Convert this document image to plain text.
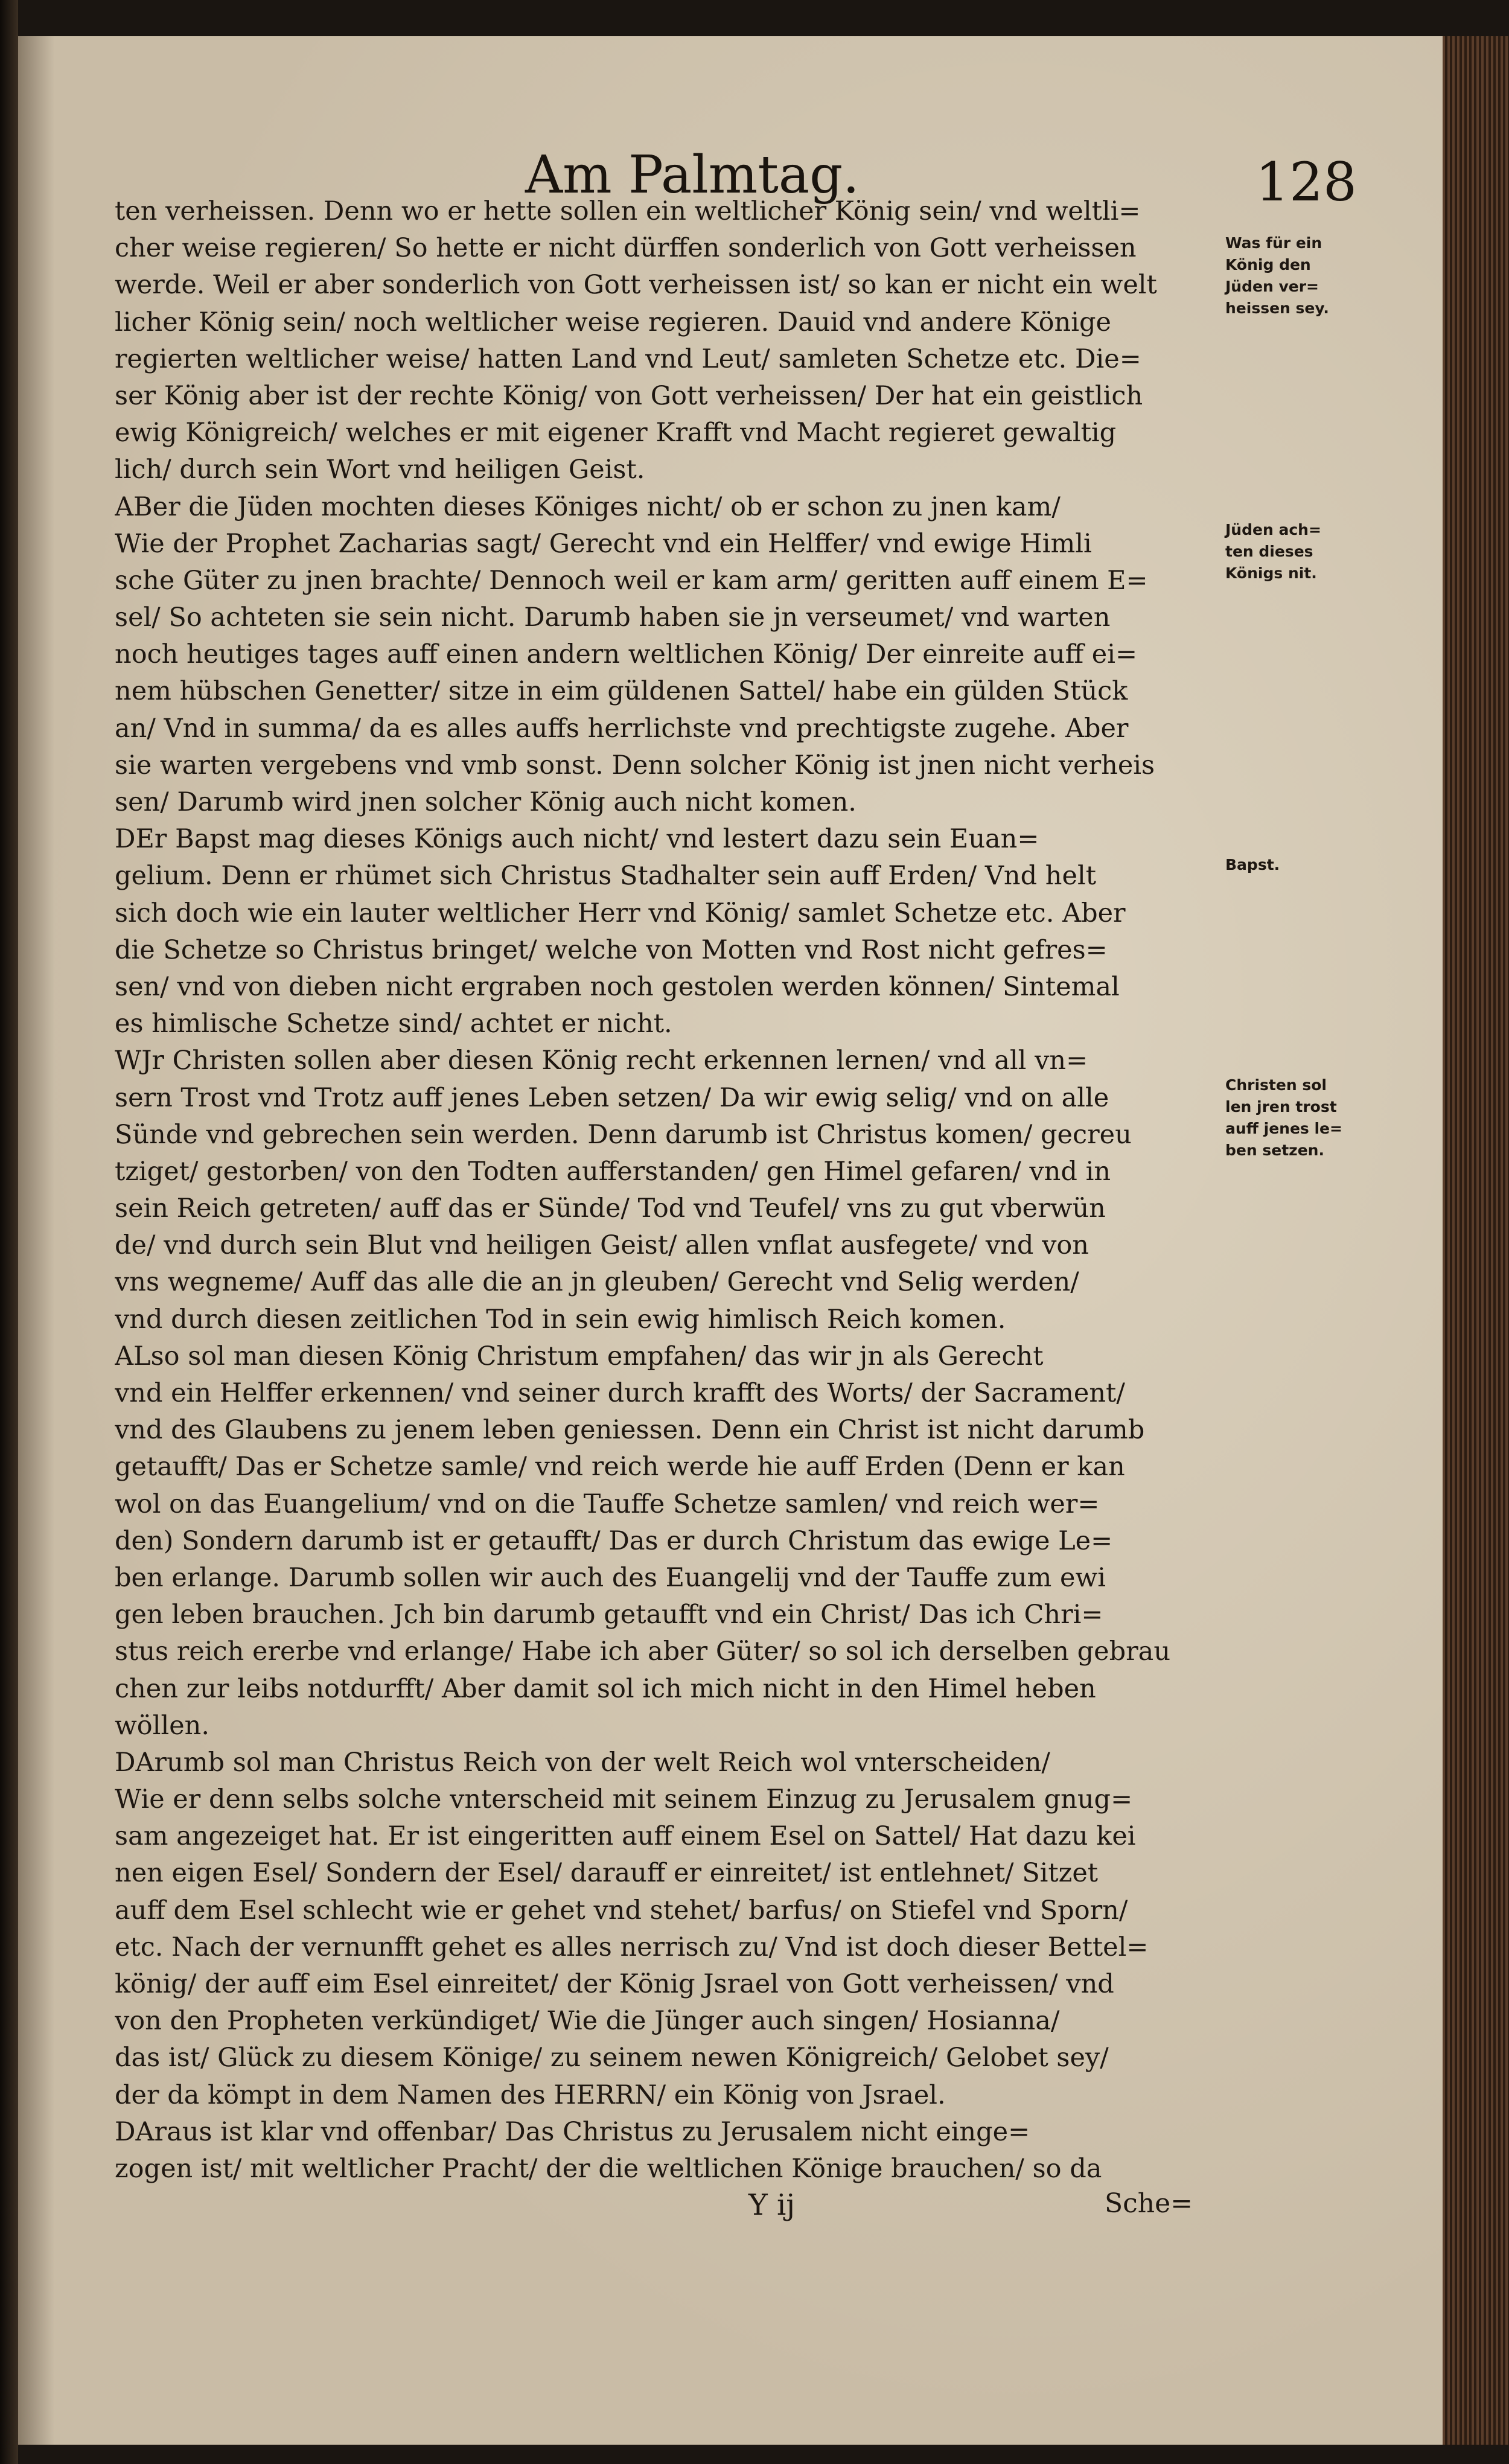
Am Palmtag.	128
ten verheissen. Denn wo er hette sollen ein weltlicher König sein/ vnd weltli=
cher weise regieren/ So hette er nicht dürffen sonderlich von Gott verheissen
werde. Weil er aber sonderlich von Gott verheissen ist/ so kan er nicht ein welt
licher König sein/ noch weltlicher weise regieren. Dauid vnd andere Könige
regierten weltlicher weise/ hatten Land vnd Leut/ samleten Schetze etc. Die=
ser König aber ist der rechte König/ von Gott verheissen/ Der hat ein geistlich
ewig Königreich/ welches er mit eigener Krafft vnd Macht regieret gewaltig
lich/ durch sein Wort vnd heiligen Geist.
ABer die Jüden mochten dieses Königes nicht/ ob er schon zu jnen kam/
Wie der Prophet Zacharias sagt/ Gerecht vnd ein Helffer/ vnd ewige Himli
sche Güter zu jnen brachte/ Dennoch weil er kam arm/ geritten auff einem E=
sel/ So achteten sie sein nicht. Darumb haben sie jn verseumet/ vnd warten
noch heutiges tages auff einen andern weltlichen König/ Der einreite auff ei=
nem hübschen Genetter/ sitze in eim güldenen Sattel/ habe ein gülden Stück
an/ Vnd in summa/ da es alles auffs herrlichste vnd prechtigste zugehe. Aber
sie warten vergebens vnd vmb sonst. Denn solcher König ist jnen nicht verheis
sen/ Darumb wird jnen solcher König auch nicht komen.
DEr Bapst mag dieses Königs auch nicht/ vnd lestert dazu sein Euan=
gelium. Denn er rhümet sich Christus Stadhalter sein auff Erden/ Vnd helt
sich doch wie ein lauter weltlicher Herr vnd König/ samlet Schetze etc. Aber
die Schetze so Christus bringet/ welche von Motten vnd Rost nicht gefres=
sen/ vnd von dieben nicht ergraben noch gestolen werden können/ Sintemal
es himlische Schetze sind/ achtet er nicht.
WJr Christen sollen aber diesen König recht erkennen lernen/ vnd all vn=
sern Trost vnd Trotz auff jenes Leben setzen/ Da wir ewig selig/ vnd on alle
Sünde vnd gebrechen sein werden. Denn darumb ist Christus komen/ gecreu
tziget/ gestorben/ von den Todten aufferstanden/ gen Himel gefaren/ vnd in
sein Reich getreten/ auff das er Sünde/ Tod vnd Teufel/ vns zu gut vberwün
de/ vnd durch sein Blut vnd heiligen Geist/ allen vnflat ausfegete/ vnd von
vns wegneme/ Auff das alle die an jn gleuben/ Gerecht vnd Selig werden/
vnd durch diesen zeitlichen Tod in sein ewig himlisch Reich komen.
ALso sol man diesen König Christum empfahen/ das wir jn als Gerecht
vnd ein Helffer erkennen/ vnd seiner durch krafft des Worts/ der Sacrament/
vnd des Glaubens zu jenem leben geniessen. Denn ein Christ ist nicht darumb
getaufft/ Das er Schetze samle/ vnd reich werde hie auff Erden (Denn er kan
wol on das Euangelium/ vnd on die Tauffe Schetze samlen/ vnd reich wer=
den) Sondern darumb ist er getaufft/ Das er durch Christum das ewige Le=
ben erlange. Darumb sollen wir auch des Euangelij vnd der Tauffe zum ewi
gen leben brauchen. Jch bin darumb getaufft vnd ein Christ/ Das ich Chri=
stus reich ererbe vnd erlange/ Habe ich aber Güter/ so sol ich derselben gebrau
chen zur leibs notdurfft/ Aber damit sol ich mich nicht in den Himel heben
wöllen.
DArumb sol man Christus Reich von der welt Reich wol vnterscheiden/
Wie er denn selbs solche vnterscheid mit seinem Einzug zu Jerusalem gnug=
sam angezeiget hat. Er ist eingeritten auff einem Esel on Sattel/ Hat dazu kei
nen eigen Esel/ Sondern der Esel/ darauff er einreitet/ ist entlehnet/ Sitzet
auff dem Esel schlecht wie er gehet vnd stehet/ barfus/ on Stiefel vnd Sporn/
etc. Nach der vernunfft gehet es alles nerrisch zu/ Vnd ist doch dieser Bettel=
könig/ der auff eim Esel einreitet/ der König Jsrael von Gott verheissen/ vnd
von den Propheten verkündiget/ Wie die Jünger auch singen/ Hosianna/
das ist/ Glück zu diesem Könige/ zu seinem newen Königreich/ Gelobet sey/
der da kömpt in dem Namen des HERRN/ ein König von Jsrael.
DAraus ist klar vnd offenbar/ Das Christus zu Jerusalem nicht einge=
zogen ist/ mit weltlicher Pracht/ der die weltlichen Könige brauchen/ so da
Was für ein
König den
Jüden ver=
heissen sey.
Jüden ach=
ten dieses
Königs nit.
Bapst.
Christen sol
len jren trost
auff jenes le=
ben setzen.
Y ij	Sche=
